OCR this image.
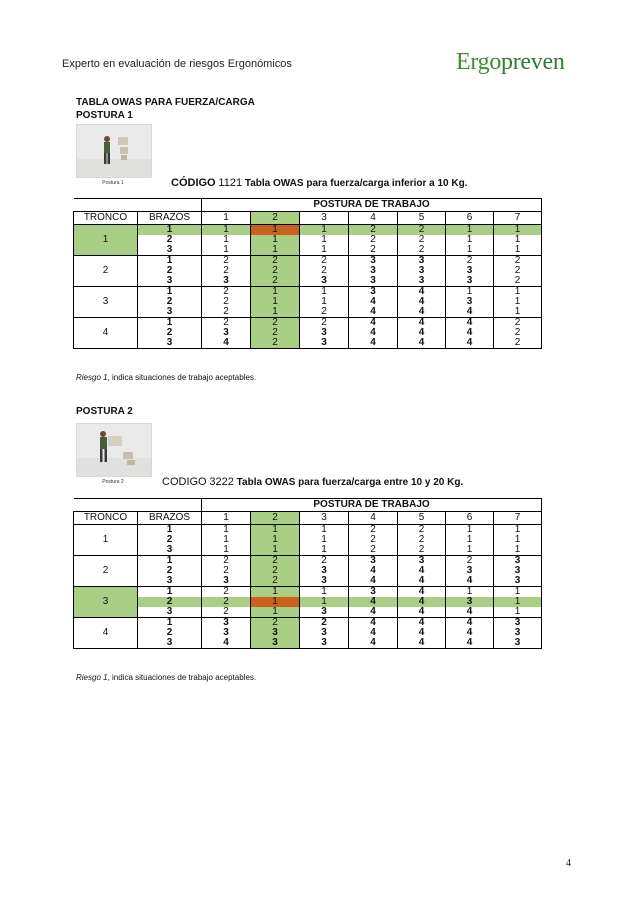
Experto en evaluación de riesgos Ergonómicos	Ergopreven
TABLA OWAS PARA FUERZA/CARGA
POSTURA 1
Postura 1	CÓDIGO 1121 Tabla OWAS para fuerza/carga inferior a 10 Kg.
		POSTURA DE TRABAJO						
TRONCO	BRAZOS	1	2	3	4	5	6	7
1	1	1	1	1	2	2	1	1
	2	1	1	1	2	2	1	1
	3	1	1	1	2	2	1	1
2	1	2	2	2	3	3	2	2
	2	2	2	2	3	3	3	2
	3	3	2	3	3	3	3	2
3	1	2	1	1	3	4	1	1
	2	2	1	1	4	4	3	1
	3	2	1	2	4	4	4	1
4	1	2	2	2	4	4	4	2
	2	3	2	3	4	4	4	2
	3	4	2	3	4	4	4	2
Riesgo 1, indica situaciones de trabajo aceptables.
POSTURA 2
Postura 2	CODIGO 3222 Tabla OWAS para fuerza/carga entre 10 y 20 Kg.
		POSTURA DE TRABAJO						
TRONCO	BRAZOS	1	2	3	4	5	6	7
1	1	1	1	1	2	2	1	1
	2	1	1	1	2	2	1	1
	3	1	1	1	2	2	1	1
2	1	2	2	2	3	3	2	3
	2	2	2	3	4	4	3	3
	3	3	2	3	4	4	4	3
3	1	2	1	1	3	4	1	1
	2	2	1	1	4	4	3	1
	3	2	1	3	4	4	4	1
4	1	3	2	2	4	4	4	3
	2	3	3	3	4	4	4	3
	3	4	3	3	4	4	4	3
Riesgo 1, indica situaciones de trabajo aceptables.
4
